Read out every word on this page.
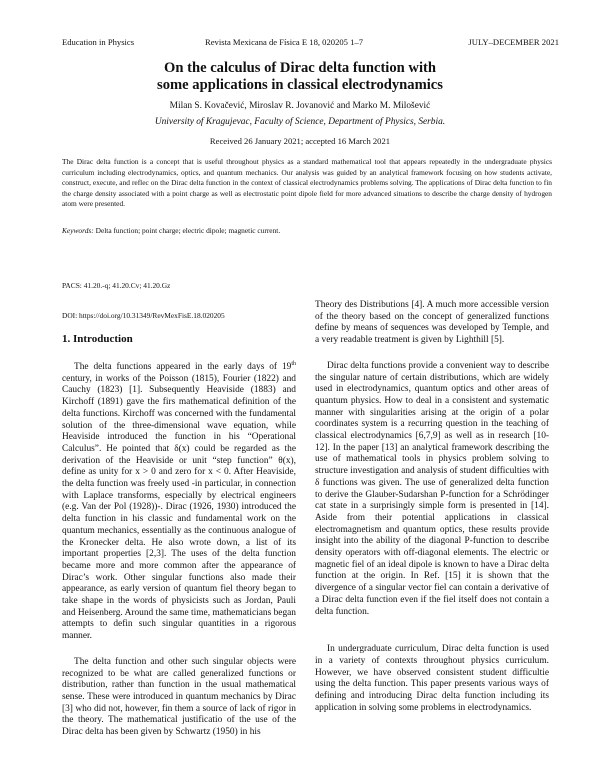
Education in Physics	Revista Mexicana de Física E 18, 020205 1–7	JULY–DECEMBER 2021
On the calculus of Dirac delta function with
some applications in classical electrodynamics
Milan S. Kovačević, Miroslav R. Jovanović and Marko M. Milošević
University of Kragujevac, Faculty of Science, Department of Physics, Serbia.
Received 26 January 2021; accepted 16 March 2021

The Dirac delta function is a concept that is useful throughout physics as a standard mathematical tool that appears repeatedly in the undergraduate physics curriculum including electrodynamics, optics, and quantum mechanics. Our analysis was guided by an analytical framework focusing on how students activate, construct, execute, and reflec on the Dirac delta function in the context of classical electrodynamics problems solving. The applications of Dirac delta function to fin the charge density associated with a point charge as well as electrostatic point dipole field for more advanced situations to describe the charge density of hydrogen atom were presented.

Keywords: Delta function; point charge; electric dipole; magnetic current.
PACS: 41.20.-q; 41.20.Cv; 41.20.Gz
DOI: https://doi.org/10.31349/RevMexFisE.18.020205
1. Introduction

The delta functions appeared in the early days of 19th century, in works of the Poisson (1815), Fourier (1822) and Cauchy (1823) [1]. Subsequently Heaviside (1883) and Kirchoff (1891) gave the firs mathematical definition of the delta functions. Kirchoff was concerned with the fundamental solution of the three-dimensional wave equation, while Heaviside introduced the function in his “Operational Calculus”. He pointed that δ(x) could be regarded as the derivation of the Heaviside or unit “step function” θ(x), define as unity for x > 0 and zero for x < 0. After Heaviside, the delta function was freely used -in particular, in connection with Laplace transforms, especially by electrical engineers (e.g. Van der Pol (1928))-. Dirac (1926, 1930) introduced the delta function in his classic and fundamental work on the quantum mechanics, essentially as the continuous analogue of the Kronecker delta. He also wrote down, a list of its important properties [2,3]. The uses of the delta function became more and more common after the appearance of Dirac’s work. Other singular functions also made their appearance, as early version of quantum fiel theory began to take shape in the words of physicists such as Jordan, Pauli and Heisenberg. Around the same time, mathematicians began attempts to defin such singular quantities in a rigorous manner.

The delta function and other such singular objects were recognized to be what are called generalized functions or distribution, rather than function in the usual mathematical sense. These were introduced in quantum mechanics by Dirac [3] who did not, however, fin them a source of lack of rigor in the theory. The mathematical justificatio of the use of the Dirac delta has been given by Schwartz (1950) in his

Theory des Distributions [4]. A much more accessible version of the theory based on the concept of generalized functions define by means of sequences was developed by Temple, and a very readable treatment is given by Lighthill [5].

Dirac delta functions provide a convenient way to describe the singular nature of certain distributions, which are widely used in electrodynamics, quantum optics and other areas of quantum physics. How to deal in a consistent and systematic manner with singularities arising at the origin of a polar coordinates system is a recurring question in the teaching of classical electrodynamics [6,7,9] as well as in research [10-12]. In the paper [13] an analytical framework describing the use of mathematical tools in physics problem solving to structure investigation and analysis of student difficulties with δ functions was given. The use of generalized delta function to derive the Glauber-Sudarshan P-function for a Schrödinger cat state in a surprisingly simple form is presented in [14]. Aside from their potential applications in classical electromagnetism and quantum optics, these results provide insight into the ability of the diagonal P-function to describe density operators with off-diagonal elements. The electric or magnetic fiel of an ideal dipole is known to have a Dirac delta function at the origin. In Ref. [15] it is shown that the divergence of a singular vector fiel can contain a derivative of a Dirac delta function even if the fiel itself does not contain a delta function.

In undergraduate curriculum, Dirac delta function is used in a variety of contexts throughout physics curriculum. However, we have observed consistent student difficultie using the delta function. This paper presents various ways of defining and introducing Dirac delta function including its application in solving some problems in electrodynamics.
